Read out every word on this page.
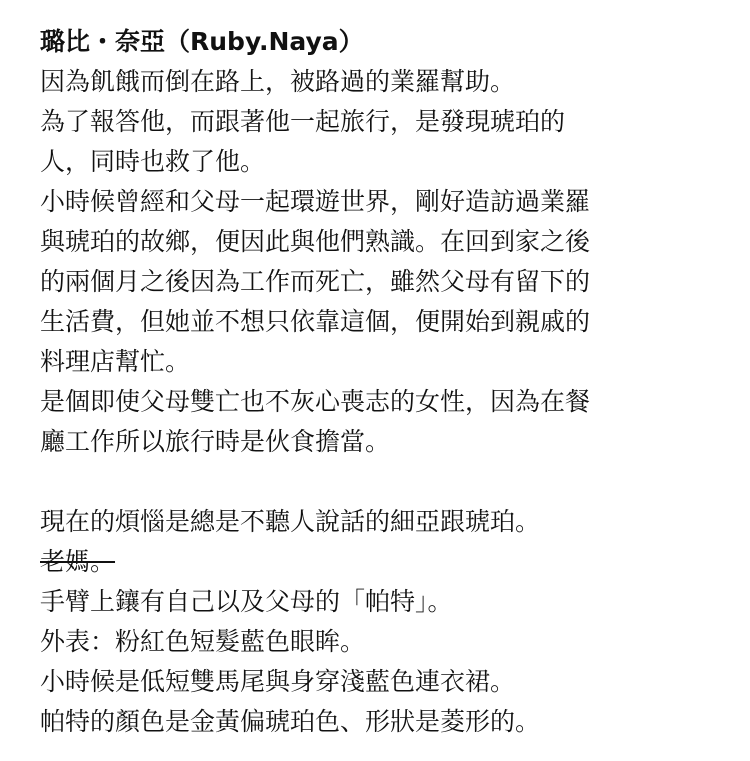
璐比・奈亞（Ruby.Naya）
因為飢餓而倒在路上，被路過的業羅幫助。
為了報答他，而跟著他一起旅行，是發現琥珀的
人，同時也救了他。
小時候曾經和父母一起環遊世界，剛好造訪過業羅
與琥珀的故鄉，便因此與他們熟識。在回到家之後
的兩個月之後因為工作而死亡，雖然父母有留下的
生活費，但她並不想只依靠這個，便開始到親戚的
料理店幫忙。
是個即使父母雙亡也不灰心喪志的女性，因為在餐
廳工作所以旅行時是伙食擔當。
現在的煩惱是總是不聽人說話的細亞跟琥珀。
老媽。
手臂上鑲有自己以及父母的「帕特」。
外表：粉紅色短髮藍色眼眸。
小時候是低短雙馬尾與身穿淺藍色連衣裙。
帕特的顏色是金黃偏琥珀色、形狀是菱形的。
